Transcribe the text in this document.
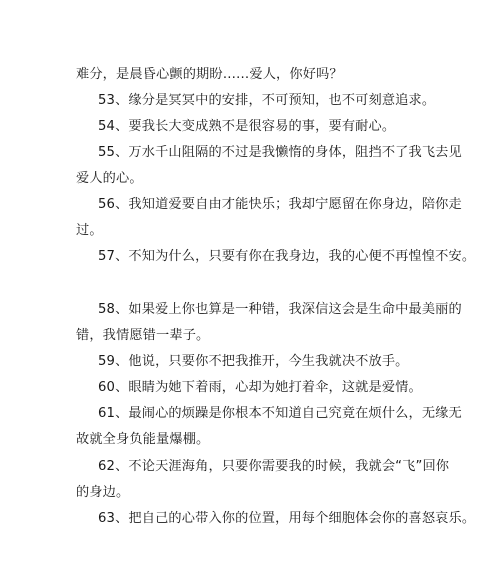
难分，是晨昏心颤的期盼……爱人，你好吗？
53、缘分是冥冥中的安排，不可预知，也不可刻意追求。
54、要我长大变成熟不是很容易的事，要有耐心。
55、万水千山阻隔的不过是我懒惰的身体，阻挡不了我飞去见
爱人的心。
56、我知道爱要自由才能快乐；我却宁愿留在你身边，陪你走
过。
57、不知为什么，只要有你在我身边，我的心便不再惶惶不安。
58、如果爱上你也算是一种错，我深信这会是生命中最美丽的
错，我情愿错一辈子。
59、他说，只要你不把我推开，今生我就决不放手。
60、眼睛为她下着雨，心却为她打着伞，这就是爱情。
61、最闹心的烦躁是你根本不知道自己究竟在烦什么，无缘无
故就全身负能量爆棚。
62、不论天涯海角，只要你需要我的时候，我就会“飞”回你
的身边。
63、把自己的心带入你的位置，用每个细胞体会你的喜怒哀乐。
